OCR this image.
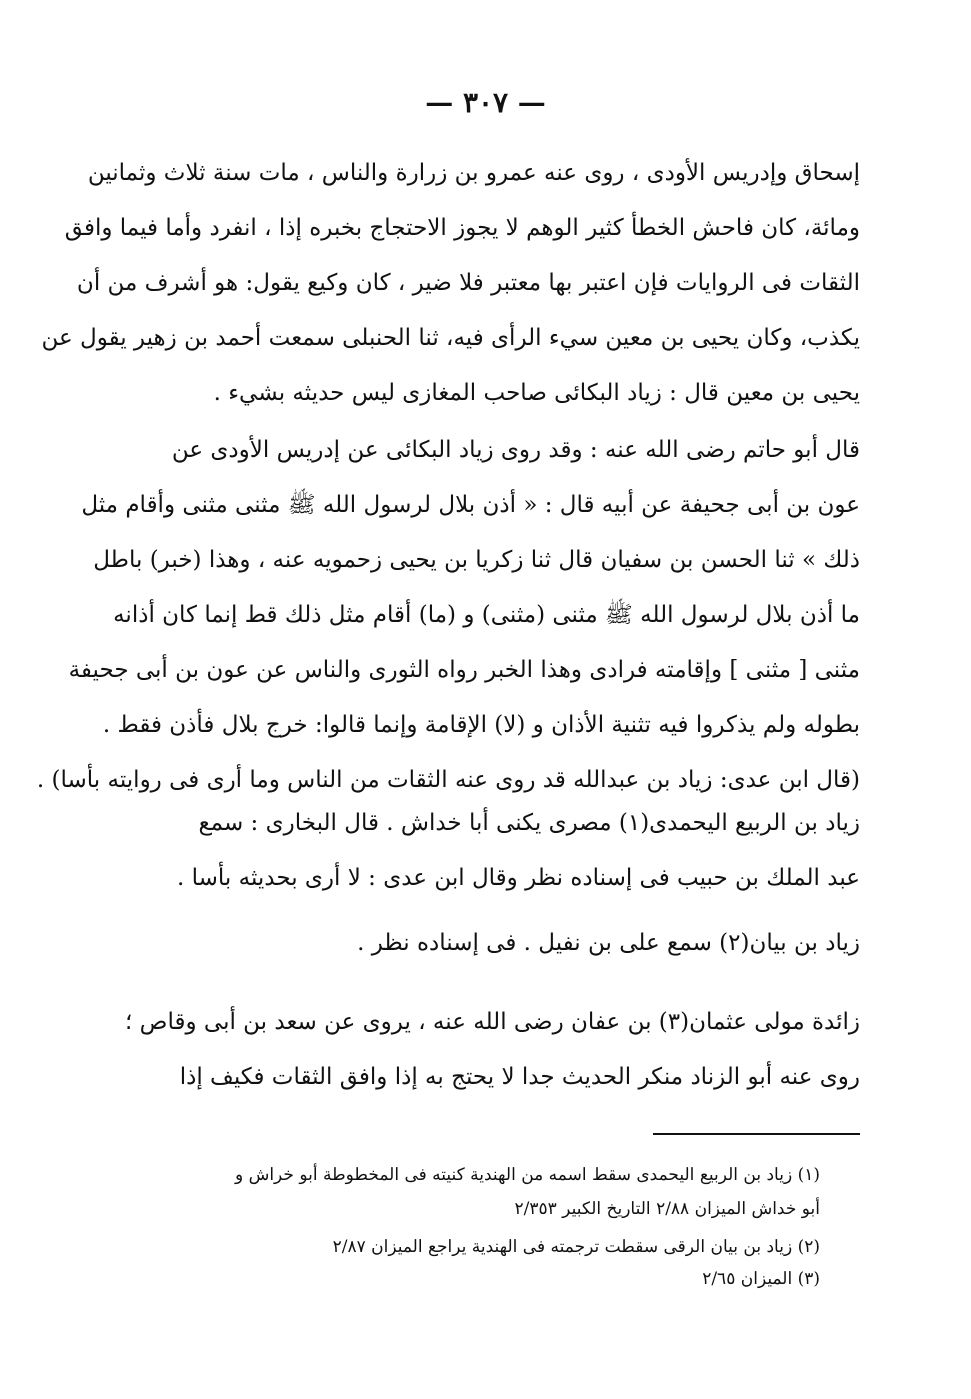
— ٣٠٧ —
إسحاق وإدريس الأودى ، روى عنه عمرو بن زرارة والناس ، مات سنة ثلاث وثمانين
ومائة، كان فاحش الخطأ كثير الوهم لا يجوز الاحتجاج بخبره إذا ، انفرد وأما فيما وافق
الثقات فى الروايات فإن اعتبر بها معتبر فلا ضير ، كان وكيع يقول: هو أشرف من أن
يكذب، وكان يحيى بن معين سيء الرأى فيه، ثنا الحنبلى سمعت أحمد بن زهير يقول عن
يحيى بن معين قال : زياد البكائى صاحب المغازى ليس حديثه بشيء .
قال أبو حاتم رضى الله عنه : وقد روى زياد البكائى عن إدريس الأودى عن
عون بن أبى جحيفة عن أبيه قال : « أذن بلال لرسول الله ﷺ مثنى مثنى وأقام مثل
ذلك » ثنا الحسن بن سفيان قال ثنا زكريا بن يحيى زحمويه عنه ، وهذا (خبر) باطل
ما أذن بلال لرسول الله ﷺ مثنى (مثنى) و (ما) أقام مثل ذلك قط إنما كان أذانه
مثنى [ مثنى ] وإقامته فرادى وهذا الخبر رواه الثورى والناس عن عون بن أبى جحيفة
بطوله ولم يذكروا فيه تثنية الأذان و (لا) الإقامة وإنما قالوا: خرج بلال فأذن فقط .
(قال ابن عدى: زياد بن عبدالله قد روى عنه الثقات من الناس وما أرى فى روايته بأسا) .
زياد بن الربيع اليحمدى(١) مصرى يكنى أبا خداش . قال البخارى : سمع
عبد الملك بن حبيب فى إسناده نظر وقال ابن عدى : لا أرى بحديثه بأسا .
زياد بن بيان(٢) سمع على بن نفيل . فى إسناده نظر .
زائدة مولى عثمان(٣) بن عفان رضى الله عنه ، يروى عن سعد بن أبى وقاص ؛
روى عنه أبو الزناد منكر الحديث جدا لا يحتج به إذا وافق الثقات فكيف إذا
(١) زياد بن الربيع اليحمدى سقط اسمه من الهندية كنيته فى المخطوطة أبو خراش و
أبو خداش الميزان ٢/٨٨ التاريخ الكبير ٢/٣٥٣
(٢) زياد بن بيان الرقى سقطت ترجمته فى الهندية يراجع الميزان ٢/٨٧
(٣) الميزان ٢/٦٥
